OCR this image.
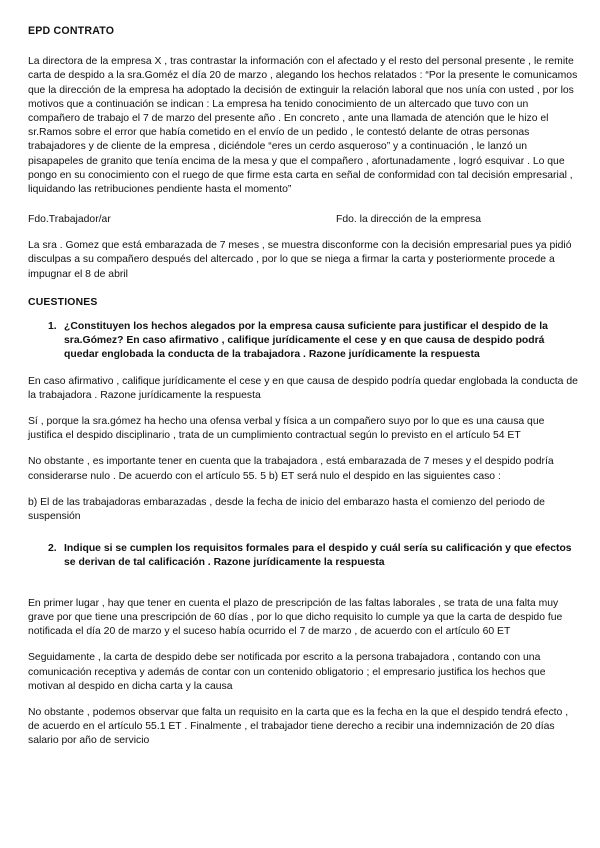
EPD CONTRATO

La directora de la empresa X , tras contrastar la información con el afectado y el resto del personal presente , le remite carta de despido a la sra.Goméz el día 20 de marzo , alegando los hechos relatados : “Por la presente le comunicamos que la dirección de la empresa ha adoptado la decisión de extinguir la relación laboral que nos unía con usted , por los motivos que a continuación se indican : La empresa ha tenido conocimiento de un altercado que tuvo con un compañero de trabajo el 7 de marzo del presente año . En concreto , ante una llamada de atención que le hizo el sr.Ramos sobre el error que había cometido en el envío de un pedido , le contestó delante de otras personas trabajadores y de cliente de la empresa , diciéndole “eres un cerdo asqueroso” y a continuación , le lanzó un pisapapeles de granito que tenía encima de la mesa y que el compañero , afortunadamente , logró esquivar . Lo que pongo en su conocimiento con el ruego de que firme esta carta en señal de conformidad con tal decisión empresarial , liquidando las retribuciones pendiente hasta el momento”

Fdo.Trabajador/ar	Fdo. la dirección de la empresa

La sra . Gomez que está embarazada de 7 meses , se muestra disconforme con la decisión empresarial pues ya pidió disculpas a su compañero después del altercado , por lo que se niega a firmar la carta y posteriormente procede a impugnar el 8 de abril

CUESTIONES
1. ¿Constituyen los hechos alegados por la empresa causa suficiente para justificar el despido de la sra.Gómez? En caso afirmativo , califique jurídicamente el cese y en que causa de despido podrá quedar englobada la conducta de la trabajadora . Razone jurídicamente la respuesta

En caso afirmativo , califique jurídicamente el cese y en que causa de despido podría quedar englobada la conducta de la trabajadora . Razone jurídicamente la respuesta

Sí , porque la sra.gómez ha hecho una ofensa verbal y física a un compañero suyo por lo que es una causa que justifica el despido disciplinario , trata de un cumplimiento contractual según lo previsto en el artículo 54 ET

No obstante , es importante tener en cuenta que la trabajadora , está embarazada de 7 meses y el despido podría considerarse nulo . De acuerdo con el artículo 55. 5 b) ET será nulo el despido en las siguientes caso :

b) El de las trabajadoras embarazadas , desde la fecha de inicio del embarazo hasta el comienzo del periodo de suspensión

2. Indique si se cumplen los requisitos formales para el despido y cuál sería su calificación y que efectos se derivan de tal calificación . Razone jurídicamente la respuesta

En primer lugar , hay que tener en cuenta el plazo de prescripción de las faltas laborales , se trata de una falta muy grave por que tiene una prescripción de 60 días , por lo que dicho requisito lo cumple ya que la carta de despido fue notificada el día 20 de marzo y el suceso había ocurrido el 7 de marzo , de acuerdo con el artículo 60 ET

Seguidamente , la carta de despido debe ser notificada por escrito a la persona trabajadora , contando con una comunicación receptiva y además de contar con un contenido obligatorio ; el empresario justifica los hechos que motivan al despido en dicha carta y la causa

No obstante , podemos observar que falta un requisito en la carta que es la fecha en la que el despido tendrá efecto , de acuerdo en el artículo 55.1 ET . Finalmente , el trabajador tiene derecho a recibir una indemnización de 20 días salario por año de servicio
